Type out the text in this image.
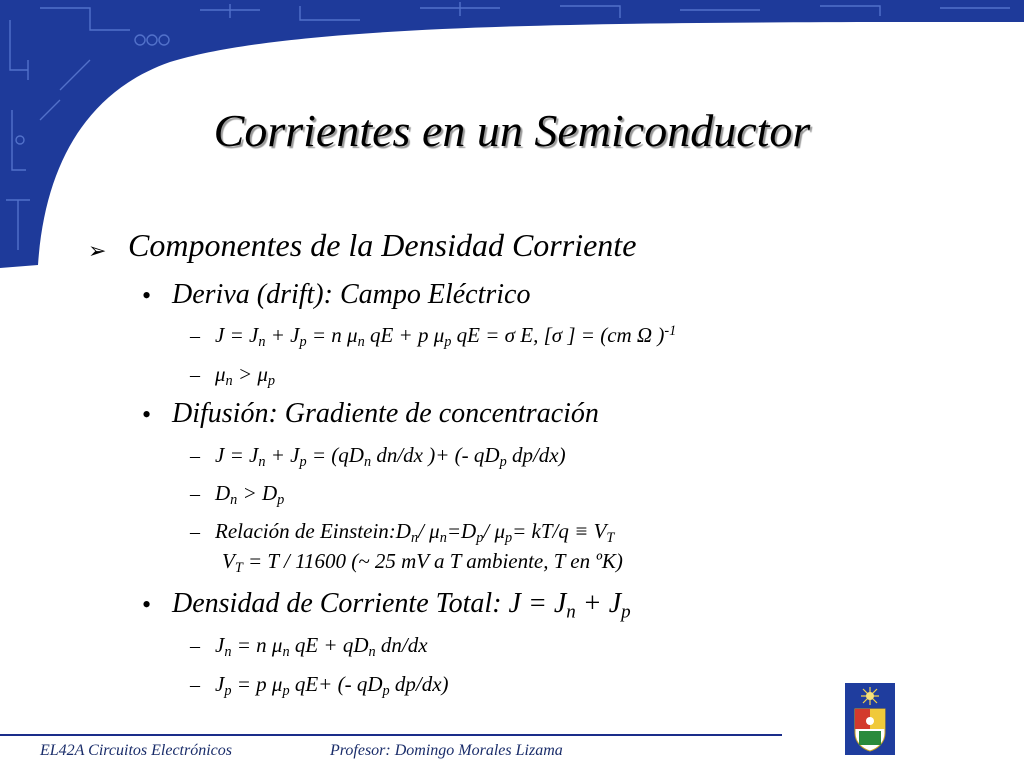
Corrientes en un Semiconductor
➢ Componentes de la Densidad Corriente
• Deriva (drift): Campo Eléctrico
– $J = J_n + J_p = n$ $\mu_n$ qE + p $\mu_p$ qE = σ E, [σ ] = (cm Ω )$^{-1}$
– $\mu_n > \mu_p$
• Difusión: Gradiente de concentración
– $J = J_n + J_p = (qD_n$ dn/dx )+ (- $qD_p$ dp/dx)
– $D_n > D_p$
– Relación de $Einstein:D_n/$ $\mu_n=D_p/$ $\mu_p= kT/q \equiv V_T$
$V_T = T / 11600$ (~ 25 mV a T ambiente, T en ºK)
• Densidad de Corriente Total: $J = J_n + J_p$
– $J_n = n$ $\mu_n$ qE + $qD_n$ dn/dx
– $J_p = p$ $\mu_p$ qE+ (- $qD_p$ dp/dx)
EL42A Circuitos Electrónicos	Profesor: Domingo Morales Lizama
